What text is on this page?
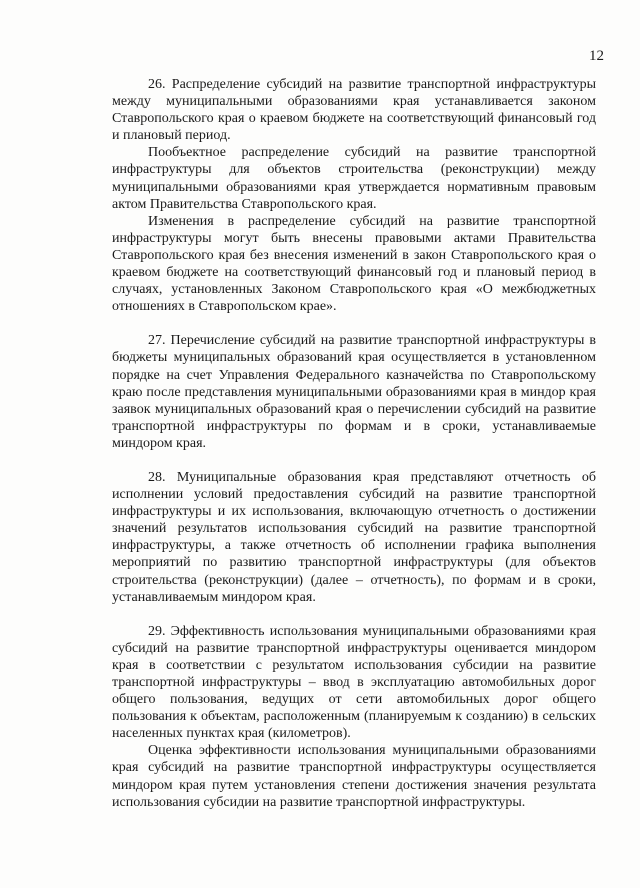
12

26. Распределение субсидий на развитие транспортной инфраструктуры между муниципальными образованиями края устанавливается законом Ставропольского края о краевом бюджете на соответствующий финансовый год и плановый период.

Пообъектное распределение субсидий на развитие транспортной инфраструктуры для объектов строительства (реконструкции) между муниципальными образованиями края утверждается нормативным правовым актом Правительства Ставропольского края.

Изменения в распределение субсидий на развитие транспортной инфраструктуры могут быть внесены правовыми актами Правительства Ставропольского края без внесения изменений в закон Ставропольского края о краевом бюджете на соответствующий финансовый год и плановый период в случаях, установленных Законом Ставропольского края «О межбюджетных отношениях в Ставропольском крае».

27. Перечисление субсидий на развитие транспортной инфраструктуры в бюджеты муниципальных образований края осуществляется в установленном порядке на счет Управления Федерального казначейства по Ставропольскому краю после представления муниципальными образованиями края в миндор края заявок муниципальных образований края о перечислении субсидий на развитие транспортной инфраструктуры по формам и в сроки, устанавливаемые миндором края.

28. Муниципальные образования края представляют отчетность об исполнении условий предоставления субсидий на развитие транспортной инфраструктуры и их использования, включающую отчетность о достижении значений результатов использования субсидий на развитие транспортной инфраструктуры, а также отчетность об исполнении графика выполнения мероприятий по развитию транспортной инфраструктуры (для объектов строительства (реконструкции) (далее – отчетность), по формам и в сроки, устанавливаемым миндором края.

29. Эффективность использования муниципальными образованиями края субсидий на развитие транспортной инфраструктуры оценивается миндором края в соответствии с результатом использования субсидии на развитие транспортной инфраструктуры – ввод в эксплуатацию автомобильных дорог общего пользования, ведущих от сети автомобильных дорог общего пользования к объектам, расположенным (планируемым к созданию) в сельских населенных пунктах края (километров).

Оценка эффективности использования муниципальными образованиями края субсидий на развитие транспортной инфраструктуры осуществляется миндором края путем установления степени достижения значения результата использования субсидии на развитие транспортной инфраструктуры.
